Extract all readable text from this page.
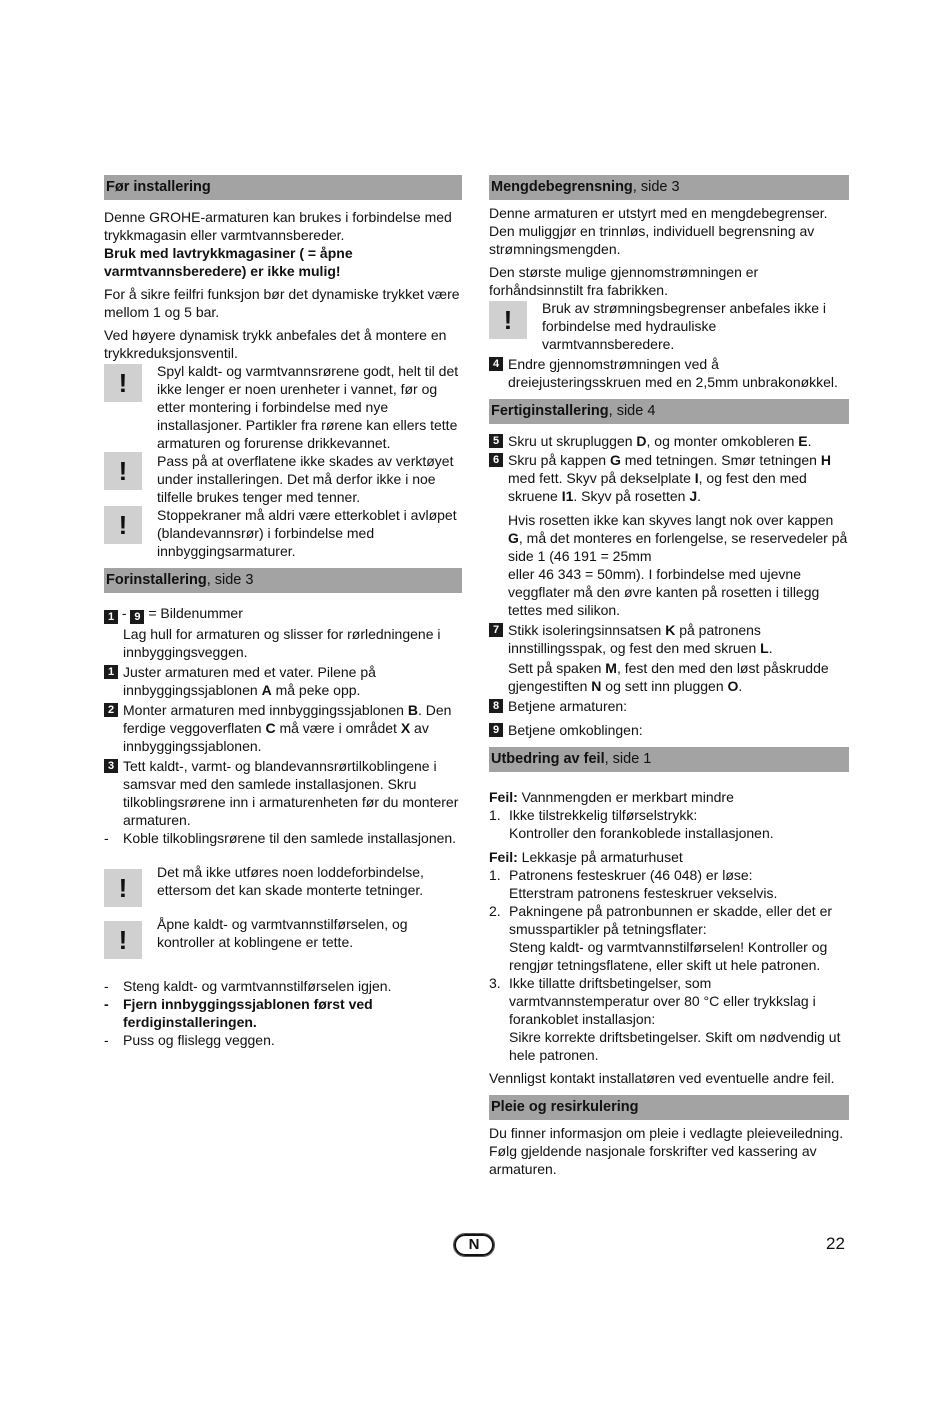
Før installering

Denne GROHE-armaturen kan brukes i forbindelse med trykkmagasin eller varmtvannsbereder.

Bruk med lavtrykkmagasiner ( = åpne varmtvannsberedere) er ikke mulig!

For å sikre feilfri funksjon bør det dynamiske trykket være mellom 1 og 5 bar.

Ved høyere dynamisk trykk anbefales det å montere en trykkreduksjonsventil.

!	Spyl kaldt- og varmtvannsrørene godt, helt til det ikke lenger er noen urenheter i vannet, før og etter montering i forbindelse med nye installasjoner. Partikler fra rørene kan ellers tette armaturen og forurense drikkevannet.
!	Pass på at overflatene ikke skades av verktøyet under installeringen. Det må derfor ikke i noe tilfelle brukes tenger med tenner.
!	Stoppekraner må aldri være etterkoblet i avløpet (blandevannsrør) i forbindelse med innbyggingsarmaturer.
Forinstallering, side 3

1 - 9 = Bildenummer

Lag hull for armaturen og slisser for rørledningene i innbyggingsveggen.

1 Juster armaturen med et vater. Pilene på innbyggingssjablonen A må peke opp.
2 Monter armaturen med innbyggingssjablonen B. Den ferdige veggoverflaten C må være i området X av innbyggingssjablonen.
3 Tett kaldt-, varmt- og blandevannsrørtilkoblingene i samsvar med den samlede installasjonen. Skru tilkoblingsrørene inn i armaturenheten før du monterer armaturen.
- Koble tilkoblingsrørene til den samlede installasjonen.
!
Det må ikke utføres noen loddeforbindelse, ettersom det kan skade monterte tetninger.
!
Åpne kaldt- og varmtvannstilførselen, og kontroller at koblingene er tette.
- Steng kaldt- og varmtvannstilførselen igjen.
- Fjern innbyggingssjablonen først ved ferdiginstalleringen.
- Puss og flislegg veggen.
Mengdebegrensning, side 3

Denne armaturen er utstyrt med en mengdebegrenser. Den muliggjør en trinnløs, individuell begrensning av strømningsmengden.

Den største mulige gjennomstrømningen er forhåndsinnstilt fra fabrikken.

!	Bruk av strømningsbegrenser anbefales ikke i forbindelse med hydrauliske varmtvannsberedere.
4 Endre gjennomstrømningen ved å dreiejusteringsskruen med en 2,5mm unbrakonøkkel.
Fertiginstallering, side 4
5 Skru ut skrupluggen D, og monter omkobleren E.
6 Skru på kappen G med tetningen. Smør tetningen H med fett. Skyv på dekselplate I, og fest den med skruene I1. Skyv på rosetten J.

Hvis rosetten ikke kan skyves langt nok over kappen G, må det monteres en forlengelse, se reservedeler på side 1 (46 191 = 25mm
eller 46 343 = 50mm). I forbindelse med ujevne veggflater må den øvre kanten på rosetten i tillegg tettes med silikon.

7 Stikk isoleringsinnsatsen K på patronens innstillingsspak, og fest den med skruen L.

Sett på spaken M, fest den med den løst påskrudde gjengestiften N og sett inn pluggen O.

8 Betjene armaturen:
9 Betjene omkoblingen:
Utbedring av feil, side 1

Feil: Vannmengden er merkbart mindre

1. Ikke tilstrekkelig tilførselstrykk:
Kontroller den forankoblede installasjonen.

Feil: Lekkasje på armaturhuset

1. Patronens festeskruer (46 048) er løse:
Etterstram patronens festeskruer vekselvis.
2. Pakningene på patronbunnen er skadde, eller det er smusspartikler på tetningsflater:
Steng kaldt- og varmtvannstilførselen! Kontroller og rengjør tetningsflatene, eller skift ut hele patronen.
3. Ikke tillatte driftsbetingelser, som varmtvannstemperatur over 80 °C eller trykkslag i forankoblet installasjon:
Sikre korrekte driftsbetingelser. Skift om nødvendig ut hele patronen.

Vennligst kontakt installatøren ved eventuelle andre feil.

Pleie og resirkulering

Du finner informasjon om pleie i vedlagte pleieveiledning. Følg gjeldende nasjonale forskrifter ved kassering av armaturen.

N	22
